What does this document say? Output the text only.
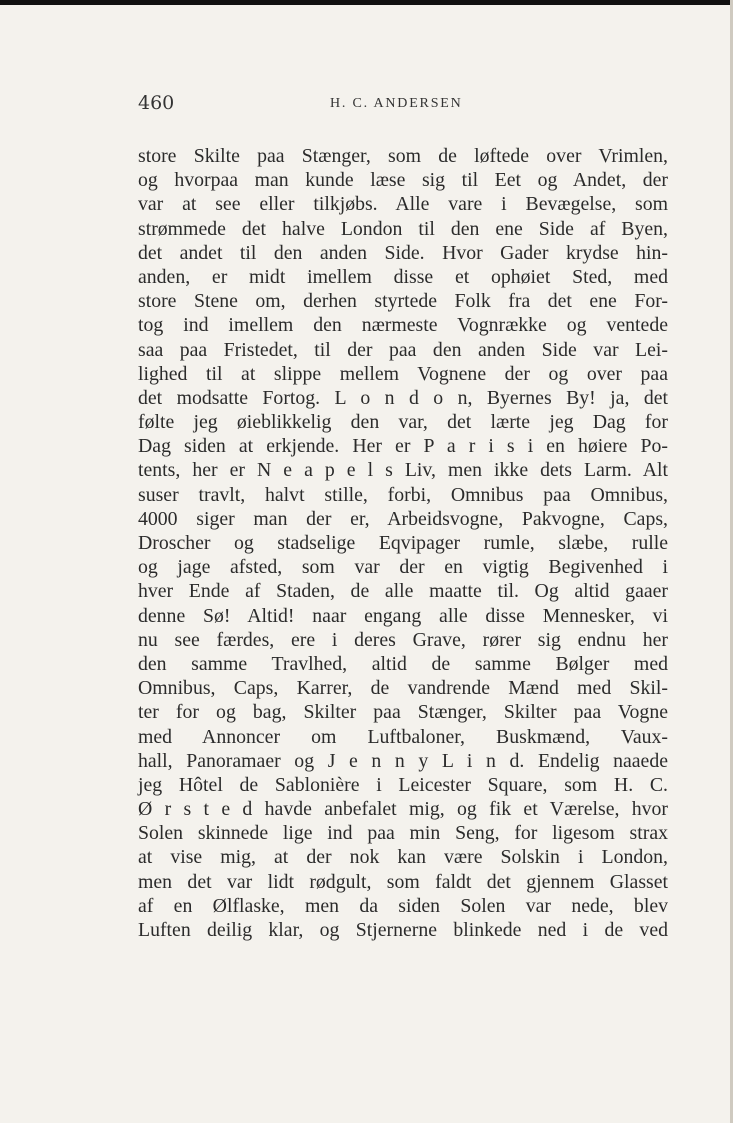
460	H. C. ANDERSEN
store Skilte paa Stænger, som de løftede over Vrimlen,
og hvorpaa man kunde læse sig til Eet og Andet, der
var at see eller tilkjøbs. Alle vare i Bevægelse, som
strømmede det halve London til den ene Side af Byen,
det andet til den anden Side. Hvor Gader krydse hin-
anden, er midt imellem disse et ophøiet Sted, med
store Stene om, derhen styrtede Folk fra det ene For-
tog ind imellem den nærmeste Vognrække og ventede
saa paa Fristedet, til der paa den anden Side var Lei-
lighed til at slippe mellem Vognene der og over paa
det modsatte Fortog. L o n d o n, Byernes By! ja, det
følte jeg øieblikkelig den var, det lærte jeg Dag for
Dag siden at erkjende. Her er P a r i s i en høiere Po-
tents, her er N e a p e l s Liv, men ikke dets Larm. Alt
suser travlt, halvt stille, forbi, Omnibus paa Omnibus,
4000 siger man der er, Arbeidsvogne, Pakvogne, Caps,
Droscher og stadselige Eqvipager rumle, slæbe, rulle
og jage afsted, som var der en vigtig Begivenhed i
hver Ende af Staden, de alle maatte til. Og altid gaaer
denne Sø! Altid! naar engang alle disse Mennesker, vi
nu see færdes, ere i deres Grave, rører sig endnu her
den samme Travlhed, altid de samme Bølger med
Omnibus, Caps, Karrer, de vandrende Mænd med Skil-
ter for og bag, Skilter paa Stænger, Skilter paa Vogne
med Annoncer om Luftbaloner, Buskmænd, Vaux-
hall, Panoramaer og J e n n y L i n d. Endelig naaede
jeg Hôtel de Sablonière i Leicester Square, som H. C.
Ø r s t e d havde anbefalet mig, og fik et Værelse, hvor
Solen skinnede lige ind paa min Seng, for ligesom strax
at vise mig, at der nok kan være Solskin i London,
men det var lidt rødgult, som faldt det gjennem Glasset
af en Ølflaske, men da siden Solen var nede, blev
Luften deilig klar, og Stjernerne blinkede ned i de ved
